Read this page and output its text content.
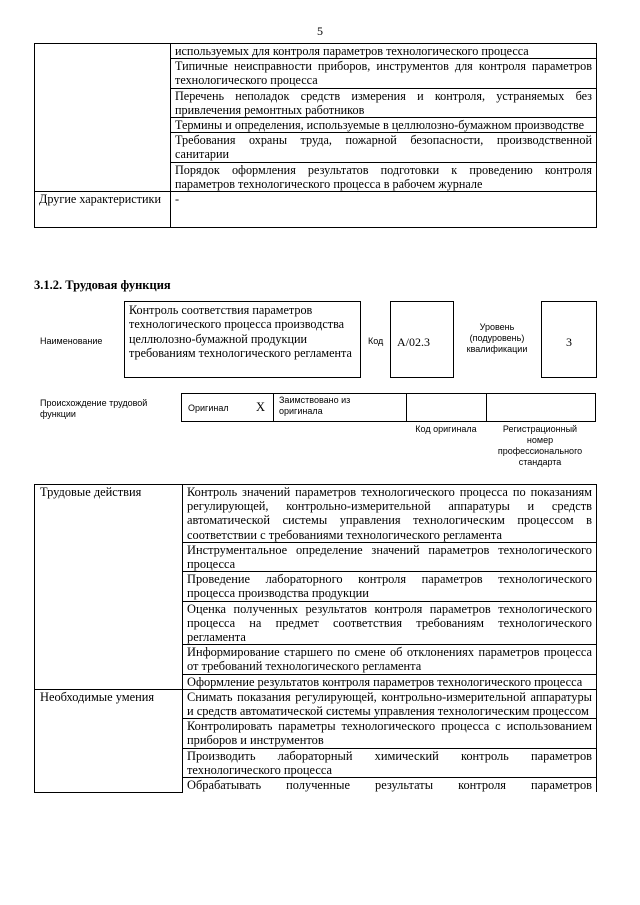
5
	используемых для контроля параметров технологического процесса
	Типичные неисправности приборов, инструментов для контроля параметров технологического процесса
	Перечень неполадок средств измерения и контроля, устраняемых без привлечения ремонтных работников
	Термины и определения, используемые в целлюлозно-бумажном производстве
	Требования охраны труда, пожарной безопасности, производственной санитарии
	Порядок оформления результатов подготовки к проведению контроля параметров технологического процесса в рабочем журнале
Другие характеристики	-
3.1.2. Трудовая функция
Наименование
Контроль соответствия параметров технологического процесса производства целлюлозно-бумажной продукции требованиям технологического регламента
Код	А/02.3
Уровень (подуровень) квалификации	3
Происхождение трудовой функции
Оригинал X Заимствовано из оригинала
Код оригинала	Регистрационный номер профессионального стандарта
Трудовые действия	Контроль значений параметров технологического процесса по показаниям регулирующей, контрольно-измерительной аппаратуры и средств автоматической системы управления технологическим процессом в соответствии с требованиями технологического регламента
	Инструментальное определение значений параметров технологического процесса
	Проведение лабораторного контроля параметров технологического процесса производства продукции
	Оценка полученных результатов контроля параметров технологического процесса на предмет соответствия требованиям технологического регламента
	Информирование старшего по смене об отклонениях параметров процесса от требований технологического регламента
	Оформление результатов контроля параметров технологического процесса
Необходимые умения	Снимать показания регулирующей, контрольно-измерительной аппаратуры и средств автоматической системы управления технологическим процессом
	Контролировать параметры технологического процесса с использованием приборов и инструментов
	Производить лабораторный химический контроль параметров технологического процесса
	Обрабатывать полученные результаты контроля параметров
